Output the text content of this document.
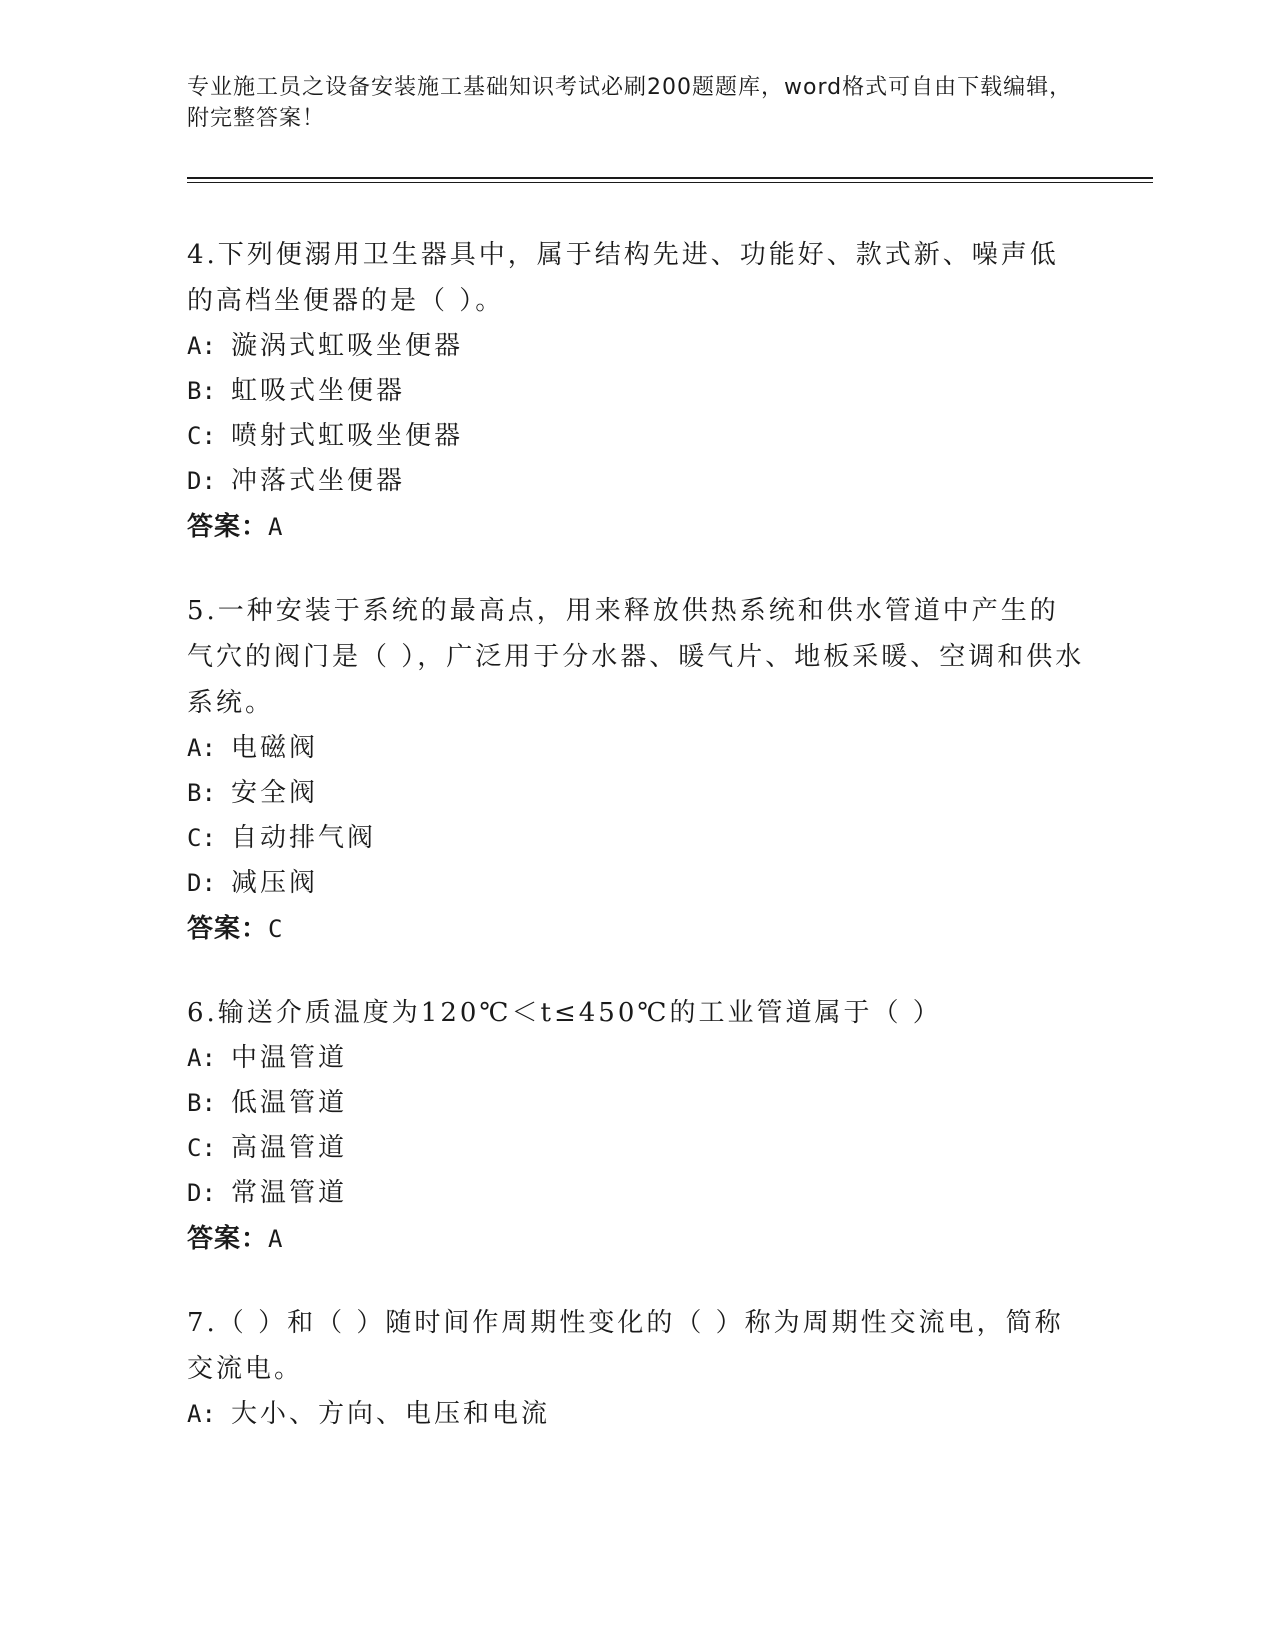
专业施工员之设备安装施工基础知识考试必刷200题题库，word格式可自由下载编辑，附完整答案！
4.下列便溺用卫生器具中，属于结构先进、功能好、款式新、噪声低的高档坐便器的是（ ）。
A: 漩涡式虹吸坐便器
B: 虹吸式坐便器
C: 喷射式虹吸坐便器
D: 冲落式坐便器
答案：A
5.一种安装于系统的最高点，用来释放供热系统和供水管道中产生的气穴的阀门是（ ），广泛用于分水器、暖气片、地板采暖、空调和供水系统。
A: 电磁阀
B: 安全阀
C: 自动排气阀
D: 减压阀
答案：C
6.输送介质温度为120℃＜t≤450℃的工业管道属于（ ）
A: 中温管道
B: 低温管道
C: 高温管道
D: 常温管道
答案：A
7.（ ）和（ ）随时间作周期性变化的（ ）称为周期性交流电，简称交流电。
A: 大小、方向、电压和电流
